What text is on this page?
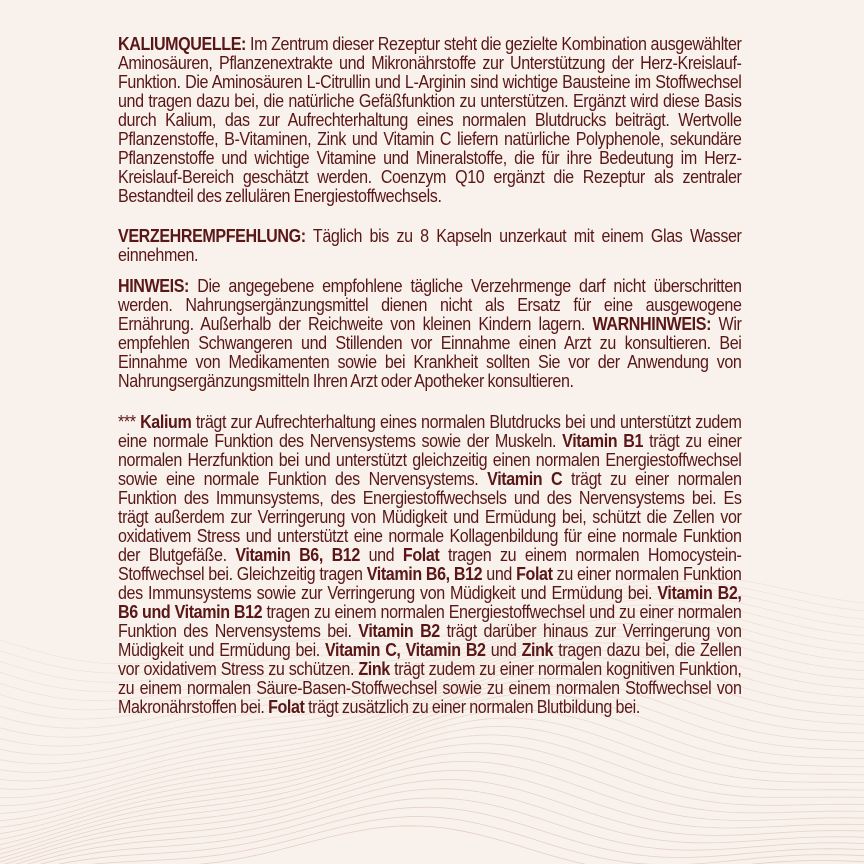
KALIUMQUELLE: Im Zentrum dieser Rezeptur steht die gezielte Kombination ausgewählter Aminosäuren, Pflanzenextrakte und Mikronährstoffe zur Unterstützung der Herz-Kreislauf-Funktion. Die Aminosäuren L-Citrullin und L-Arginin sind wichtige Bausteine im Stoffwechsel und tragen dazu bei, die natürliche Gefäßfunktion zu unterstützen. Ergänzt wird diese Basis durch Kalium, das zur Aufrechterhaltung eines normalen Blutdrucks beiträgt. Wertvolle Pflanzenstoffe, B-Vitaminen, Zink und Vitamin C liefern natürliche Polyphenole, sekundäre Pflanzenstoffe und wichtige Vitamine und Mineralstoffe, die für ihre Bedeutung im Herz-Kreislauf-Bereich geschätzt werden. Coenzym Q10 ergänzt die Rezeptur als zentraler Bestandteil des zellulären Energiestoffwechsels.

VERZEHREMPFEHLUNG: Täglich bis zu 8 Kapseln unzerkaut mit einem Glas Wasser einnehmen.

HINWEIS: Die angegebene empfohlene tägliche Verzehrmenge darf nicht überschritten werden. Nahrungsergänzungsmittel dienen nicht als Ersatz für eine ausgewogene Ernährung. Außerhalb der Reichweite von kleinen Kindern lagern. WARNHINWEIS: Wir empfehlen Schwangeren und Stillenden vor Einnahme einen Arzt zu konsultieren. Bei Einnahme von Medikamenten sowie bei Krankheit sollten Sie vor der Anwendung von Nahrungsergänzungsmitteln Ihren Arzt oder Apotheker konsultieren.

*** Kalium trägt zur Aufrechterhaltung eines normalen Blutdrucks bei und unterstützt zudem eine normale Funktion des Nervensystems sowie der Muskeln. Vitamin B1 trägt zu einer normalen Herzfunktion bei und unterstützt gleichzeitig einen normalen Energiestoffwechsel sowie eine normale Funktion des Nervensystems. Vitamin C trägt zu einer normalen Funktion des Immunsystems, des Energiestoffwechsels und des Nervensystems bei. Es trägt außerdem zur Verringerung von Müdigkeit und Ermüdung bei, schützt die Zellen vor oxidativem Stress und unterstützt eine normale Kollagenbildung für eine normale Funktion der Blutgefäße. Vitamin B6, B12 und Folat tragen zu einem normalen Homocystein-Stoffwechsel bei. Gleichzeitig tragen Vitamin B6, B12 und Folat zu einer normalen Funktion des Immunsystems sowie zur Verringerung von Müdigkeit und Ermüdung bei. Vitamin B2, B6 und Vitamin B12 tragen zu einem normalen Energiestoffwechsel und zu einer normalen Funktion des Nervensystems bei. Vitamin B2 trägt darüber hinaus zur Verringerung von Müdigkeit und Ermüdung bei. Vitamin C, Vitamin B2 und Zink tragen dazu bei, die Zellen vor oxidativem Stress zu schützen. Zink trägt zudem zu einer normalen kognitiven Funktion, zu einem normalen Säure-Basen-Stoffwechsel sowie zu einem normalen Stoffwechsel von Makronährstoffen bei. Folat trägt zusätzlich zu einer normalen Blutbildung bei.
